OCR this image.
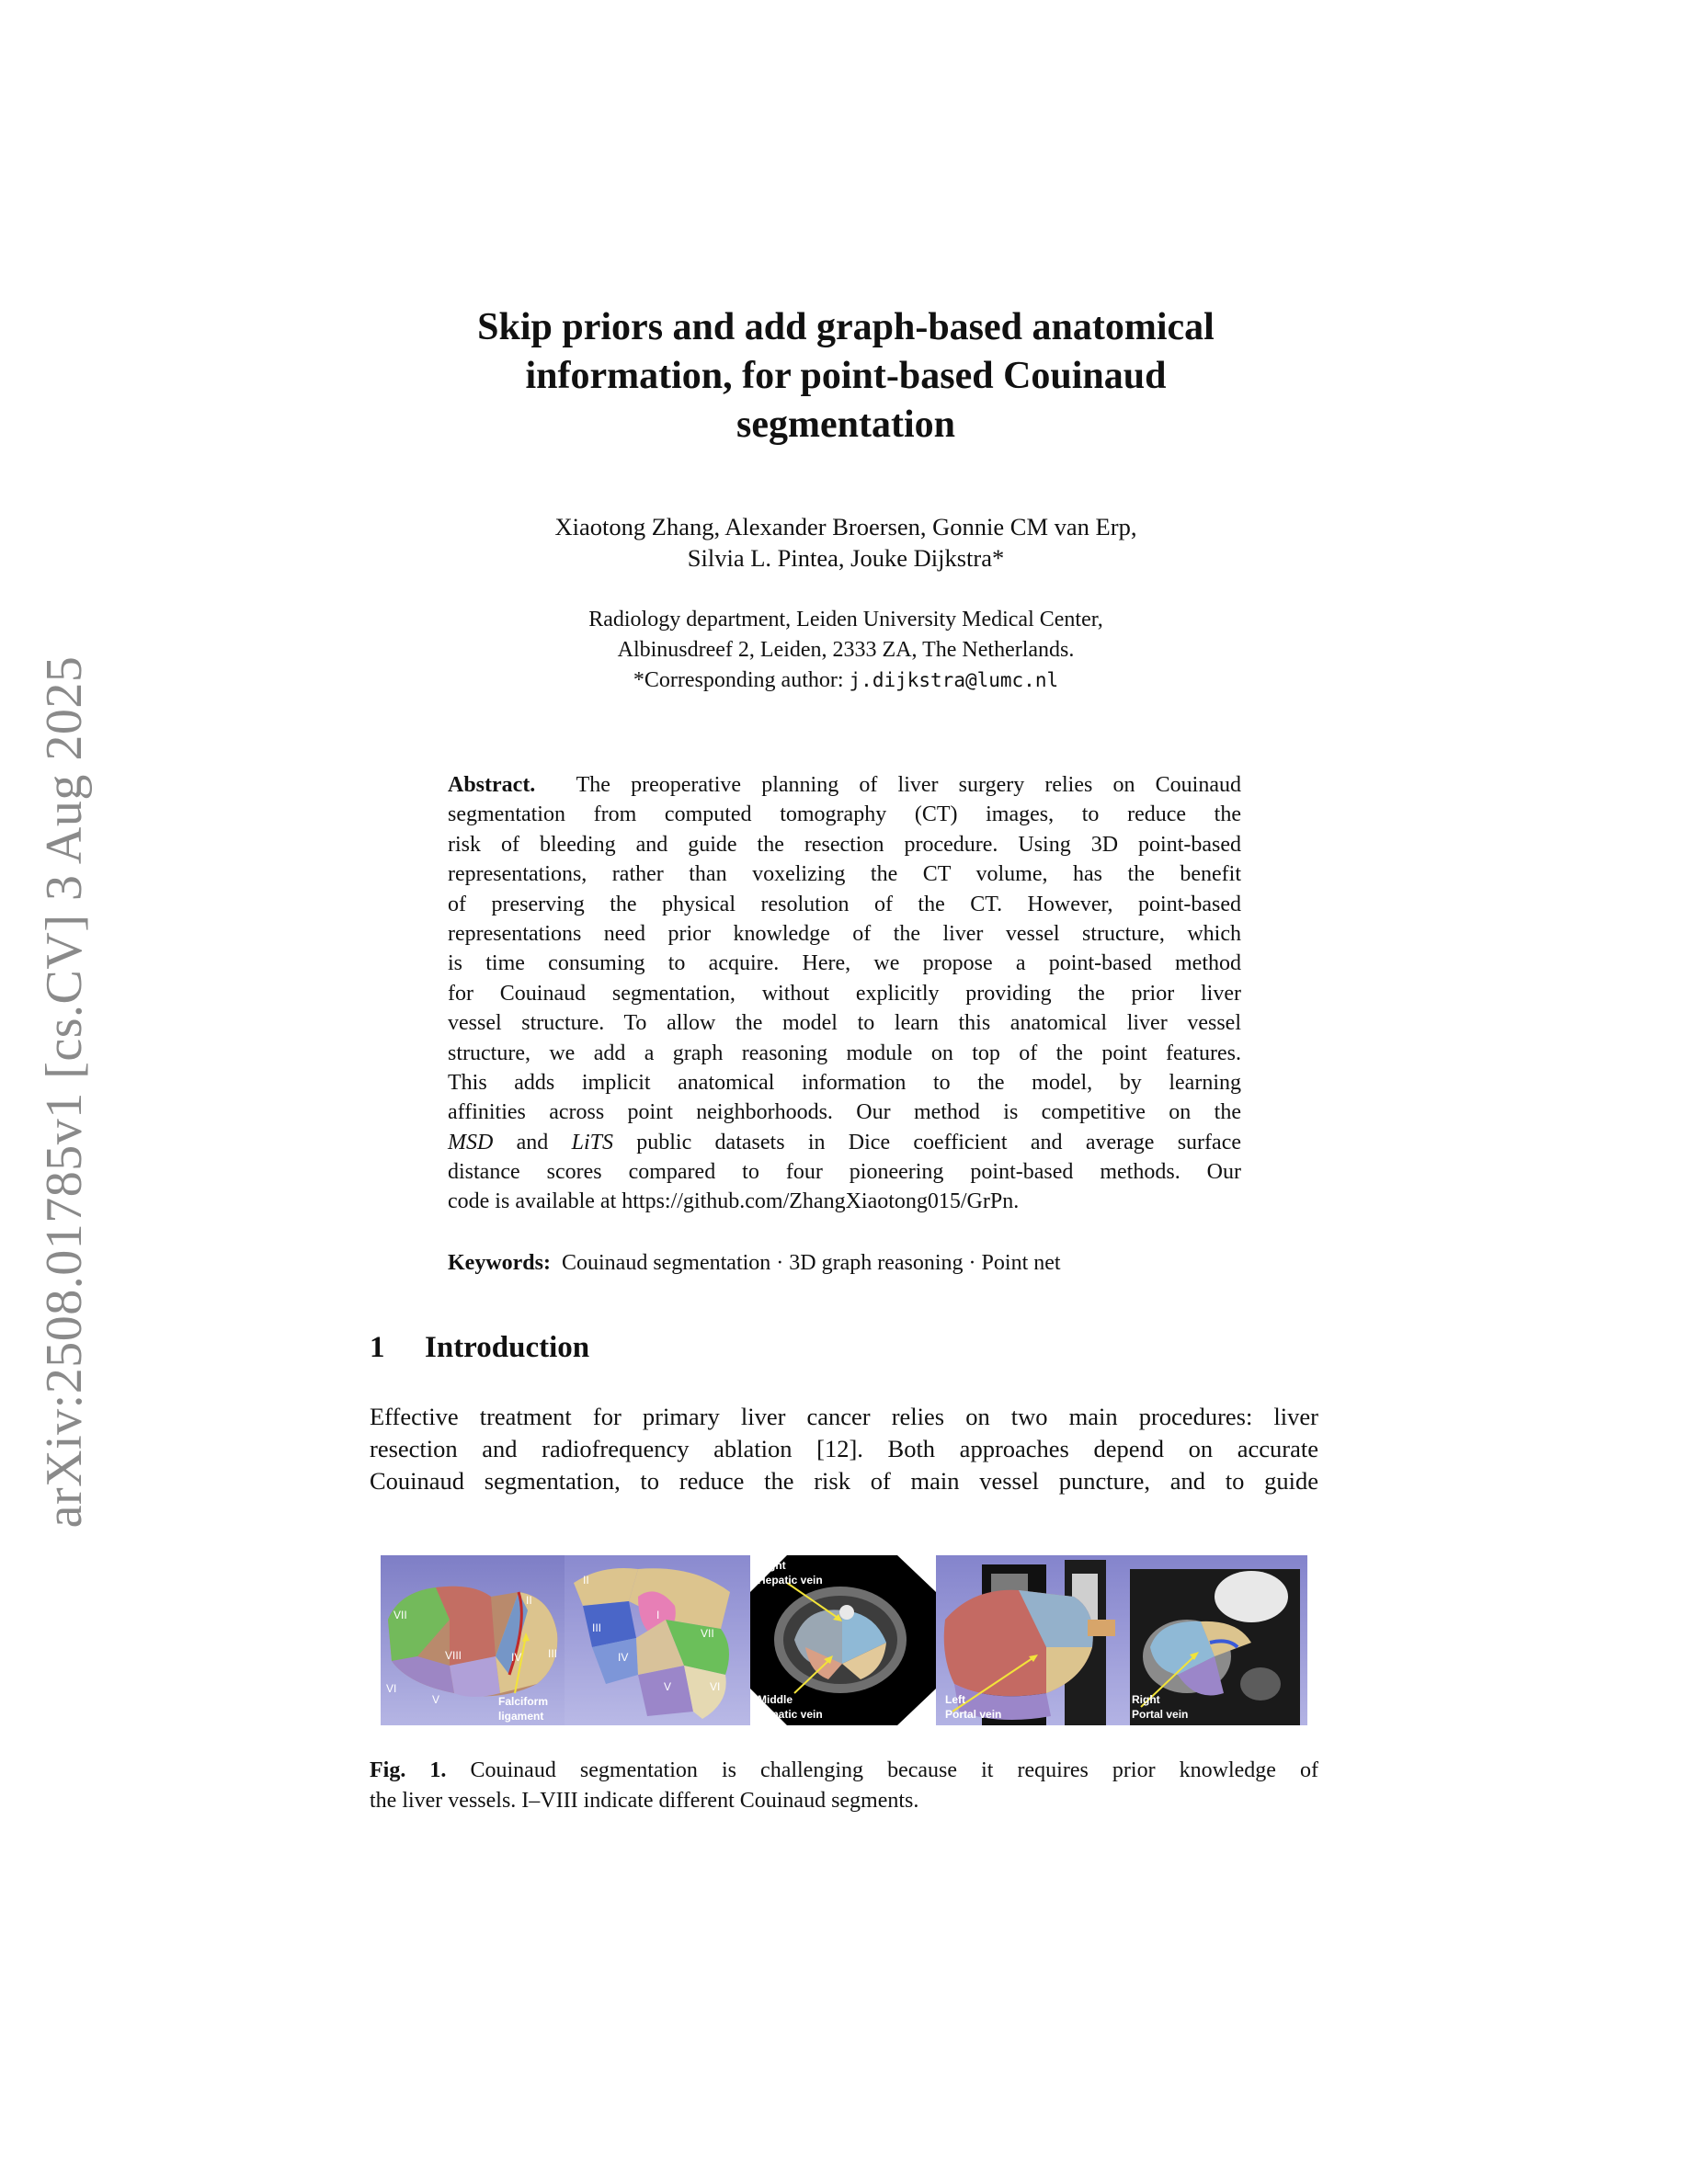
arXiv:2508.01785v1 [cs.CV] 3 Aug 2025
Skip priors and add graph-based anatomical
information, for point-based Couinaud
segmentation
Xiaotong Zhang, Alexander Broersen, Gonnie CM van Erp,
Silvia L. Pintea, Jouke Dijkstra*
Radiology department, Leiden University Medical Center,
Albinusdreef 2, Leiden, 2333 ZA, The Netherlands.
*Corresponding author: j.dijkstra@lumc.nl
Abstract. The preoperative planning of liver surgery relies on Couinaud
segmentation from computed tomography (CT) images, to reduce the
risk of bleeding and guide the resection procedure. Using 3D point-based
representations, rather than voxelizing the CT volume, has the benefit
of preserving the physical resolution of the CT. However, point-based
representations need prior knowledge of the liver vessel structure, which
is time consuming to acquire. Here, we propose a point-based method
for Couinaud segmentation, without explicitly providing the prior liver
vessel structure. To allow the model to learn this anatomical liver vessel
structure, we add a graph reasoning module on top of the point features.
This adds implicit anatomical information to the model, by learning
affinities across point neighborhoods. Our method is competitive on the
MSD and LiTS public datasets in Dice coefficient and average surface
distance scores compared to four pioneering point-based methods. Our
code is available at https://github.com/ZhangXiaotong015/GrPn.
Keywords: Couinaud segmentation · 3D graph reasoning · Point net
1 Introduction
Effective treatment for primary liver cancer relies on two main procedures: liver
resection and radiofrequency ablation [12]. Both approaches depend on accurate
Couinaud segmentation, to reduce the risk of main vessel puncture, and to guide
II
VII
VIII	IV III
VI
V	Falciform
ligament
II
III
I
VII
IV
V	VI
Right
Hepatic vein
Middle
Hepatic vein
Left
Portal vein
Right
Portal vein
Fig. 1. Couinaud segmentation is challenging because it requires prior knowledge of
the liver vessels. I–VIII indicate different Couinaud segments.
